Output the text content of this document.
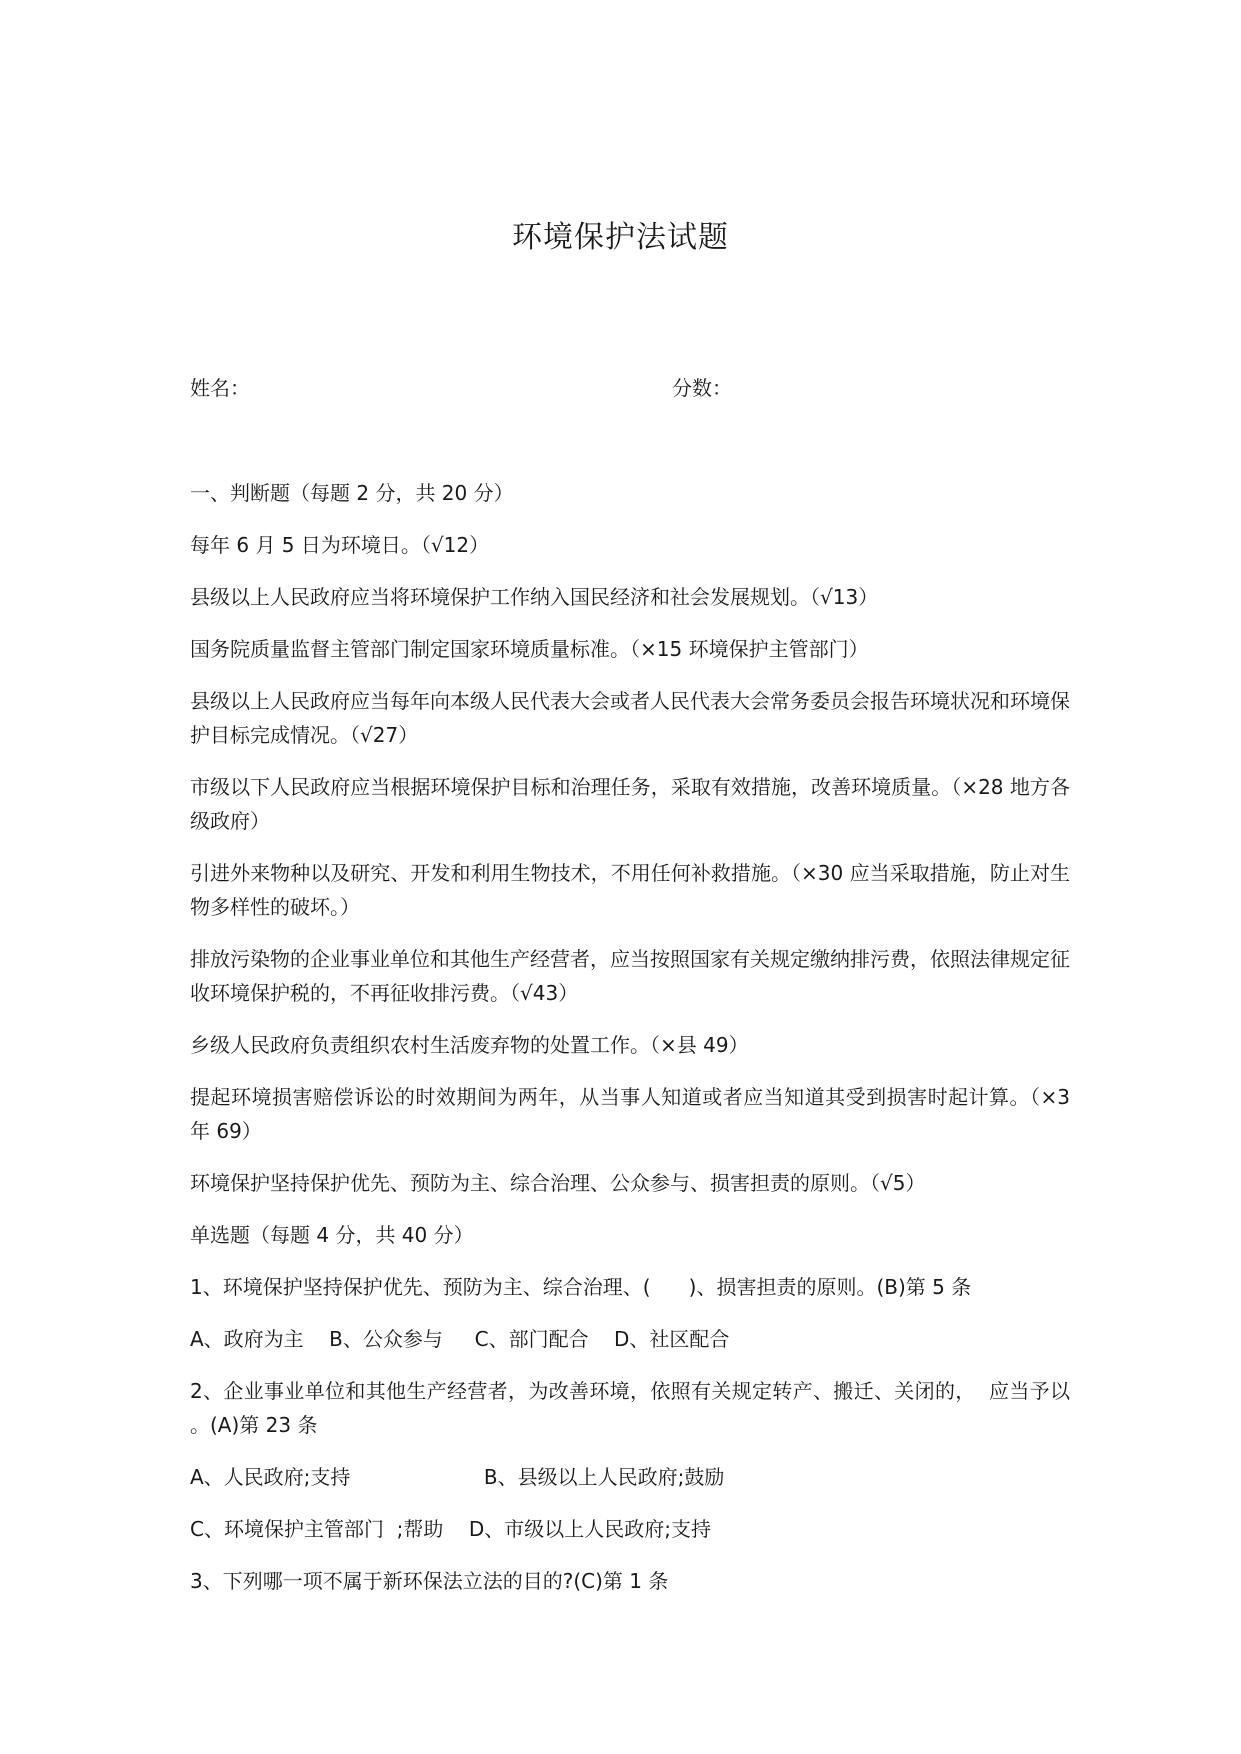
环境保护法试题
姓名：	分数：

一、判断题（每题 2 分，共 20 分）

每年 6 月 5 日为环境日。（√12）

县级以上人民政府应当将环境保护工作纳入国民经济和社会发展规划。（√13）

国务院质量监督主管部门制定国家环境质量标准。（×15 环境保护主管部门）

县级以上人民政府应当每年向本级人民代表大会或者人民代表大会常务委员会报告环境状况和环境保护目标完成情况。（√27）

市级以下人民政府应当根据环境保护目标和治理任务，采取有效措施，改善环境质量。（×28 地方各级政府）

引进外来物种以及研究、开发和利用生物技术，不用任何补救措施。（×30 应当采取措施，防止对生物多样性的破坏。）

排放污染物的企业事业单位和其他生产经营者，应当按照国家有关规定缴纳排污费，依照法律规定征收环境保护税的，不再征收排污费。（√43）

乡级人民政府负责组织农村生活废弃物的处置工作。（×县 49）

提起环境损害赔偿诉讼的时效期间为两年，从当事人知道或者应当知道其受到损害时起计算。（×3 年 69）

环境保护坚持保护优先、预防为主、综合治理、公众参与、损害担责的原则。（√5）

单选题（每题 4 分，共 40 分）

1、环境保护坚持保护优先、预防为主、综合治理、(      )、损害担责的原则。(B)第 5 条

A、政府为主    B、公众参与     C、部门配合    D、社区配合

2、企业事业单位和其他生产经营者，为改善环境，依照有关规定转产、搬迁、关闭的，  应当予以  。(A)第 23 条

A、人民政府;支持                     B、县级以上人民政府;鼓励

C、环境保护主管部门  ;帮助    D、市级以上人民政府;支持

3、下列哪一项不属于新环保法立法的目的?(C)第 1 条
